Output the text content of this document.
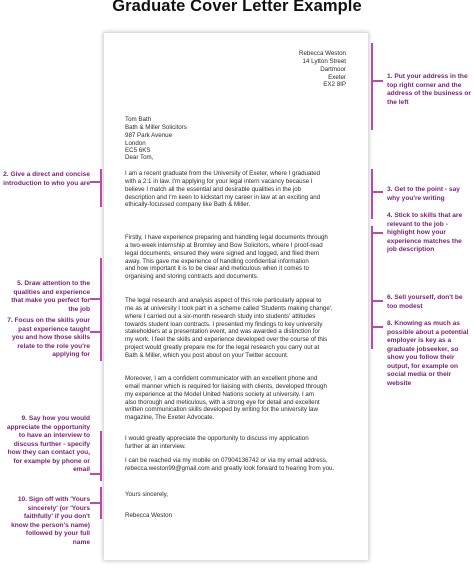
Graduate Cover Letter Example
Rebecca Weston
14 Lytton Street
Dartmoor
Exeter
EX2 8IP
Tom Bath
Bath & Miller Solicitors
987 Park Avenue
London
EC5 6KS
Dear Tom,
I am a recent graduate from the University of Exeter, where I graduated
with a 2:1 in law. I'm applying for your legal intern vacancy because I
believe I match all the essential and desirable qualities in the job
description and I'm keen to kickstart my career in law at an exciting and
ethically-focussed company like Bath & Miller.
Firstly, I have experience preparing and handling legal documents through
a two-week internship at Bromley and Bow Solicitors, where I proof-read
legal documents, ensured they were signed and logged, and filed them
away. This gave me experience of handling confidential information
and how important it is to be clear and meticulous when it comes to
organising and storing contracts and documents.
The legal research and analysis aspect of this role particularly appeal to
me as at university I took part in a scheme called 'Students making change',
where I carried out a six-month research study into students' attitudes
towards student loan contracts. I presented my findings to key university
stakeholders at a presentation event, and was awarded a distinction for
my work. I feel the skills and experience developed over the course of this
project would greatly prepare me for the legal research you carry out at
Bath & Miller, which you post about on your Twitter account.
Moreover, I am a confident communicator with an excellent phone and
email manner which is required for liaising with clients, developed through
my experience at the Model United Nations society at university. I am
also thorough and meticulous, with a strong eye for detail and excellent
written communication skills developed by writing for the university law
magazine, The Exeter Advocate.
I would greatly appreciate the opportunity to discuss my application
further at an interview.
I can be reached via my mobile on 07904136742 or via my email address,
rebecca.weston99@gmail.com and greatly look forward to hearing from you.
Yours sincerely,
Rebecca Weston
1. Put your address in the
top right corner and the
address of the business or
the left
3. Get to the point - say
why you're writing
4. Stick to skills that are
relevant to the job -
highlight how your
experience matches the
job description
6. Sell yourself, don't be
too modest
8. Knowing as much as
possible about a potential
employer is key as a
graduate jobseeker, so
show you follow their
output, for example on
social media or their
website
2. Give a direct and concise
introduction to who you are
5. Draw attention to the
qualities and experience
that make you perfect for
the job
7. Focus on the skills your
past experience taught
you and how those skills
relate to the role you're
applying for
9. Say how you would
appreciate the opportunity
to have an interview to
discuss further - specify
how they can contact you,
for example by phone or
email
10. Sign off with 'Yours
sincerely' (or 'Yours
faithfully' if you don't
know the person's name)
followed by your full
name
